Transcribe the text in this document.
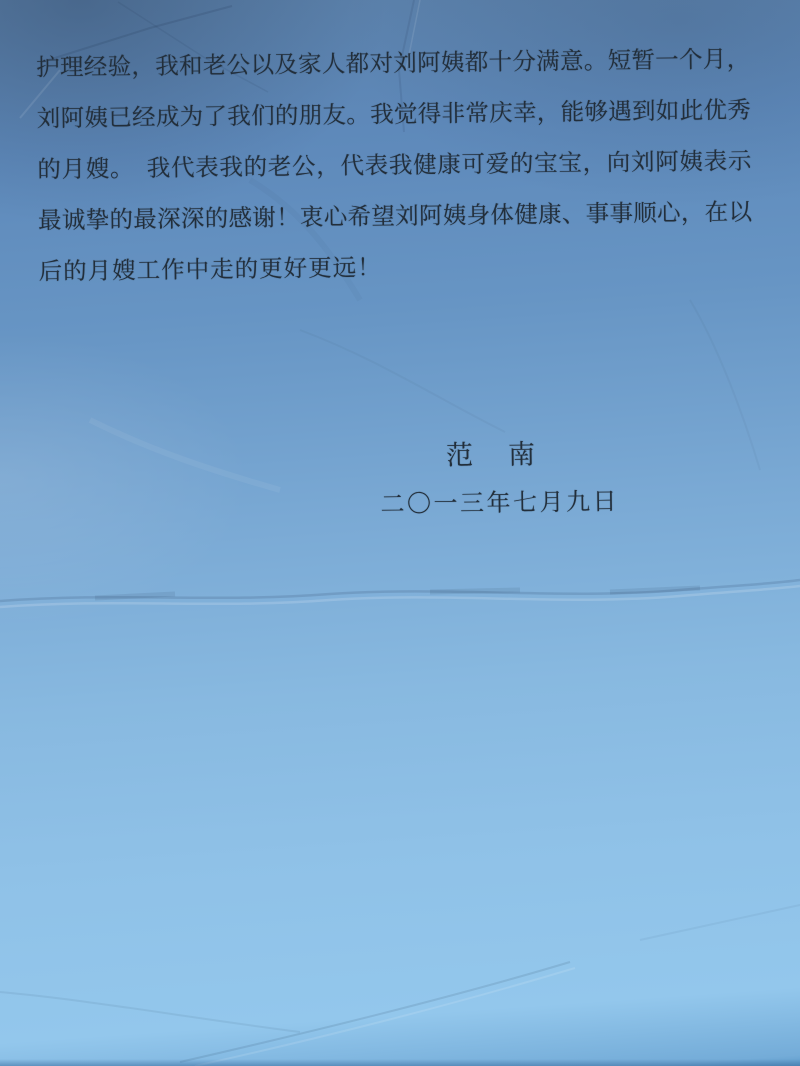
护理经验，我和老公以及家人都对刘阿姨都十分满意。短暂一个月，
刘阿姨已经成为了我们的朋友。我觉得非常庆幸，能够遇到如此优秀
的月嫂。　我代表我的老公，代表我健康可爱的宝宝，向刘阿姨表示
最诚挚的最深深的感谢！衷心希望刘阿姨身体健康、事事顺心，在以
后的月嫂工作中走的更好更远！
范　南
二〇一三年七月九日
